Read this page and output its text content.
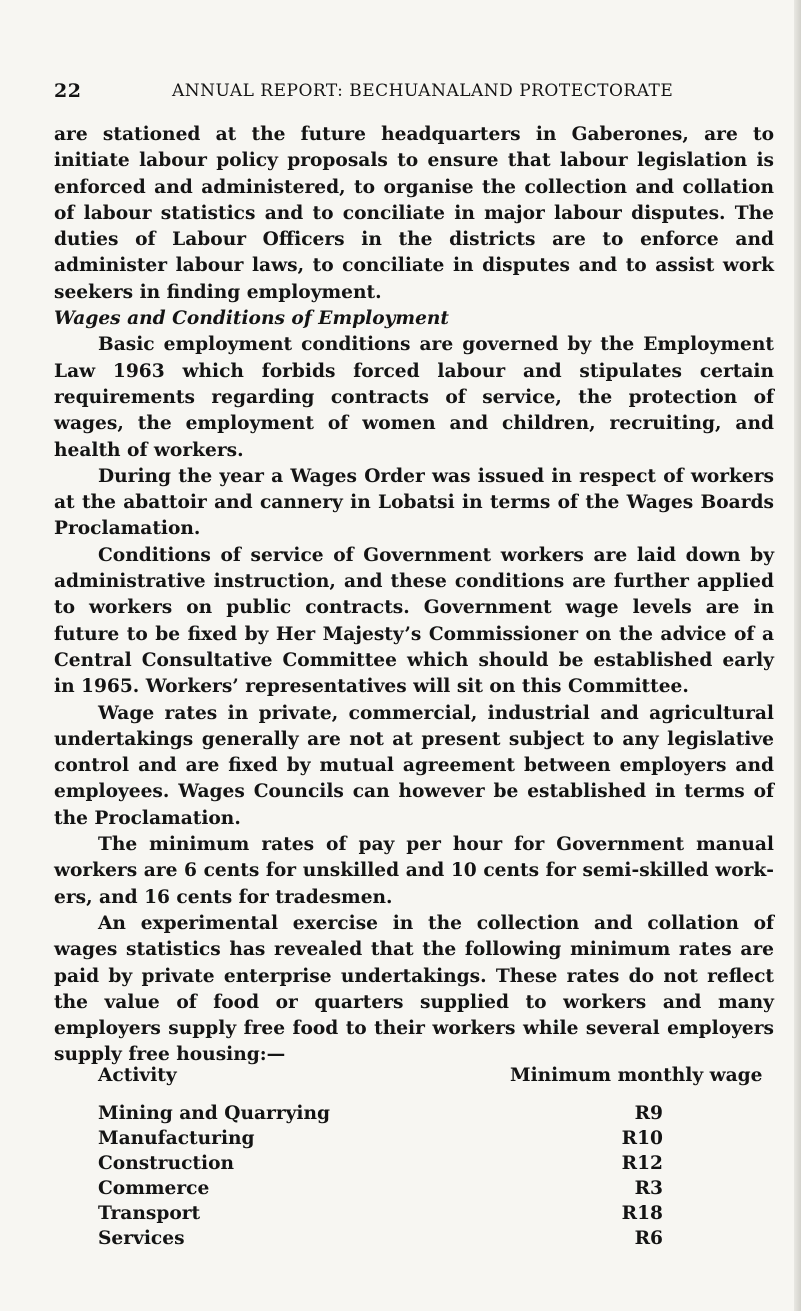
22	ANNUAL REPORT: BECHUANALAND PROTECTORATE

are stationed at the future headquarters in Gaberones, are to initiate labour policy proposals to ensure that labour legislation is enforced and administered, to organise the collection and collation of labour statistics and to conciliate in major labour disputes. The duties of Labour Officers in the districts are to enforce and administer labour laws, to conciliate in disputes and to assist work seekers in finding employment.

Wages and Conditions of Employment

Basic employment conditions are governed by the Employment Law 1963 which forbids forced labour and stipulates certain requirements regarding contracts of service, the protection of wages, the employment of women and children, recruiting, and health of workers.

During the year a Wages Order was issued in respect of workers at the abattoir and cannery in Lobatsi in terms of the Wages Boards Proclamation.

Conditions of service of Government workers are laid down by administrative instruction, and these conditions are further applied to workers on public contracts. Government wage levels are in future to be fixed by Her Majesty’s Commissioner on the advice of a Central Consultative Committee which should be established early in 1965. Workers’ representatives will sit on this Committee.

Wage rates in private, commercial, industrial and agricultural undertakings generally are not at present subject to any legislative control and are fixed by mutual agreement between employers and employees. Wages Councils can however be established in terms of the Proclamation.

The minimum rates of pay per hour for Government manual workers are 6 cents for unskilled and 10 cents for semi-skilled workers, and 16 cents for tradesmen.

An experimental exercise in the collection and collation of wages statistics has revealed that the following minimum rates are paid by private enterprise undertakings. These rates do not reflect the value of food or quarters supplied to workers and many employers supply free food to their workers while several employers supply free housing:—

Activity	Minimum monthly wage
Mining and Quarrying	R9
Manufacturing	R10
Construction	R12
Commerce	R3
Transport	R18
Services	R6
